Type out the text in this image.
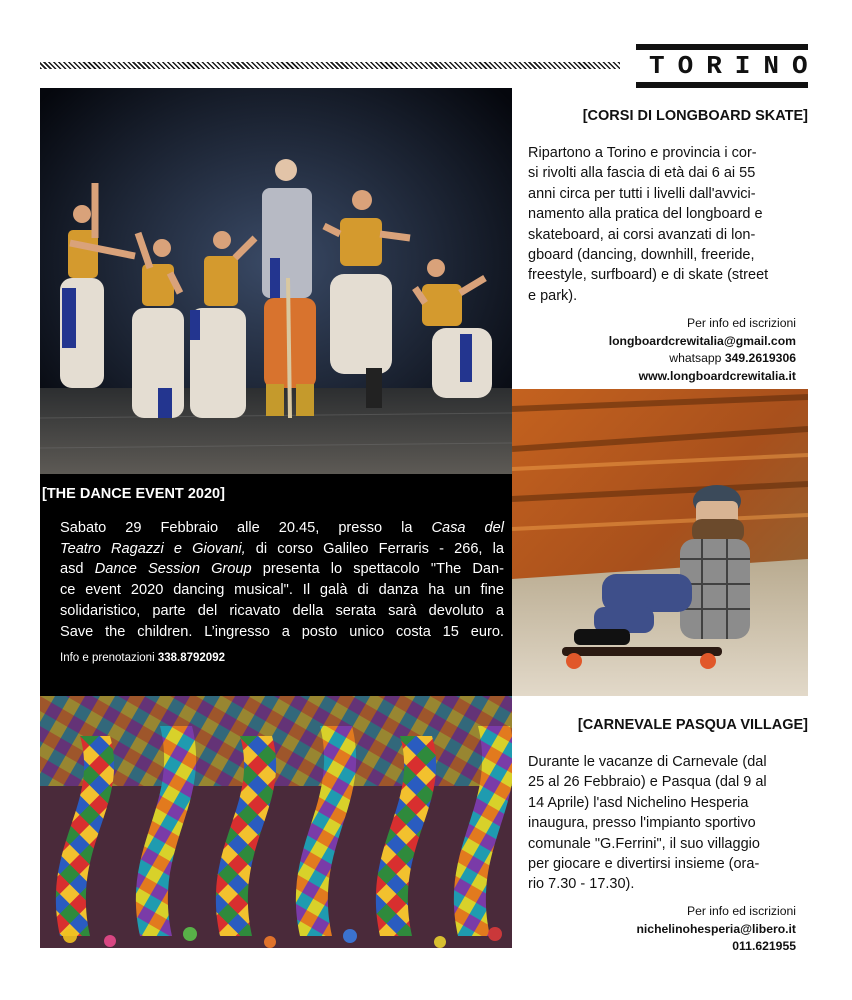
TORINO
[THE DANCE EVENT 2020]
Sabato 29 Febbraio alle 20.45, presso la Casa del
Teatro Ragazzi e Giovani, di corso Galileo Ferraris - 266, la
asd Dance Session Group presenta lo spettacolo "The Dan-
ce event 2020 dancing musical". Il galà di danza ha un fine
solidaristico, parte del ricavato della serata sarà devoluto a
Save the children. L’ingresso a posto unico costa 15 euro.
Info e prenotazioni 338.8792092
[CORSI DI LONGBOARD SKATE]
Ripartono a Torino e provincia i cor-
si rivolti alla fascia di età dai 6 ai 55
anni circa per tutti i livelli dall'avvici-
namento alla pratica del longboard e
skateboard, ai corsi avanzati di lon-
gboard (dancing, downhill, freeride,
freestyle, surfboard) e di skate (street
e park).
Per info ed iscrizioni
longboardcrewitalia@gmail.com
whatsapp 349.2619306
www.longboardcrewitalia.it
[CARNEVALE PASQUA VILLAGE]
Durante le vacanze di Carnevale (dal
25 al 26 Febbraio) e Pasqua (dal 9 al
14 Aprile) l'asd Nichelino Hesperia
inaugura, presso l'impianto sportivo
comunale "G.Ferrini", il suo villaggio
per giocare e divertirsi insieme (ora-
rio 7.30 - 17.30).
Per info ed iscrizioni
nichelinohesperia@libero.it
011.621955
